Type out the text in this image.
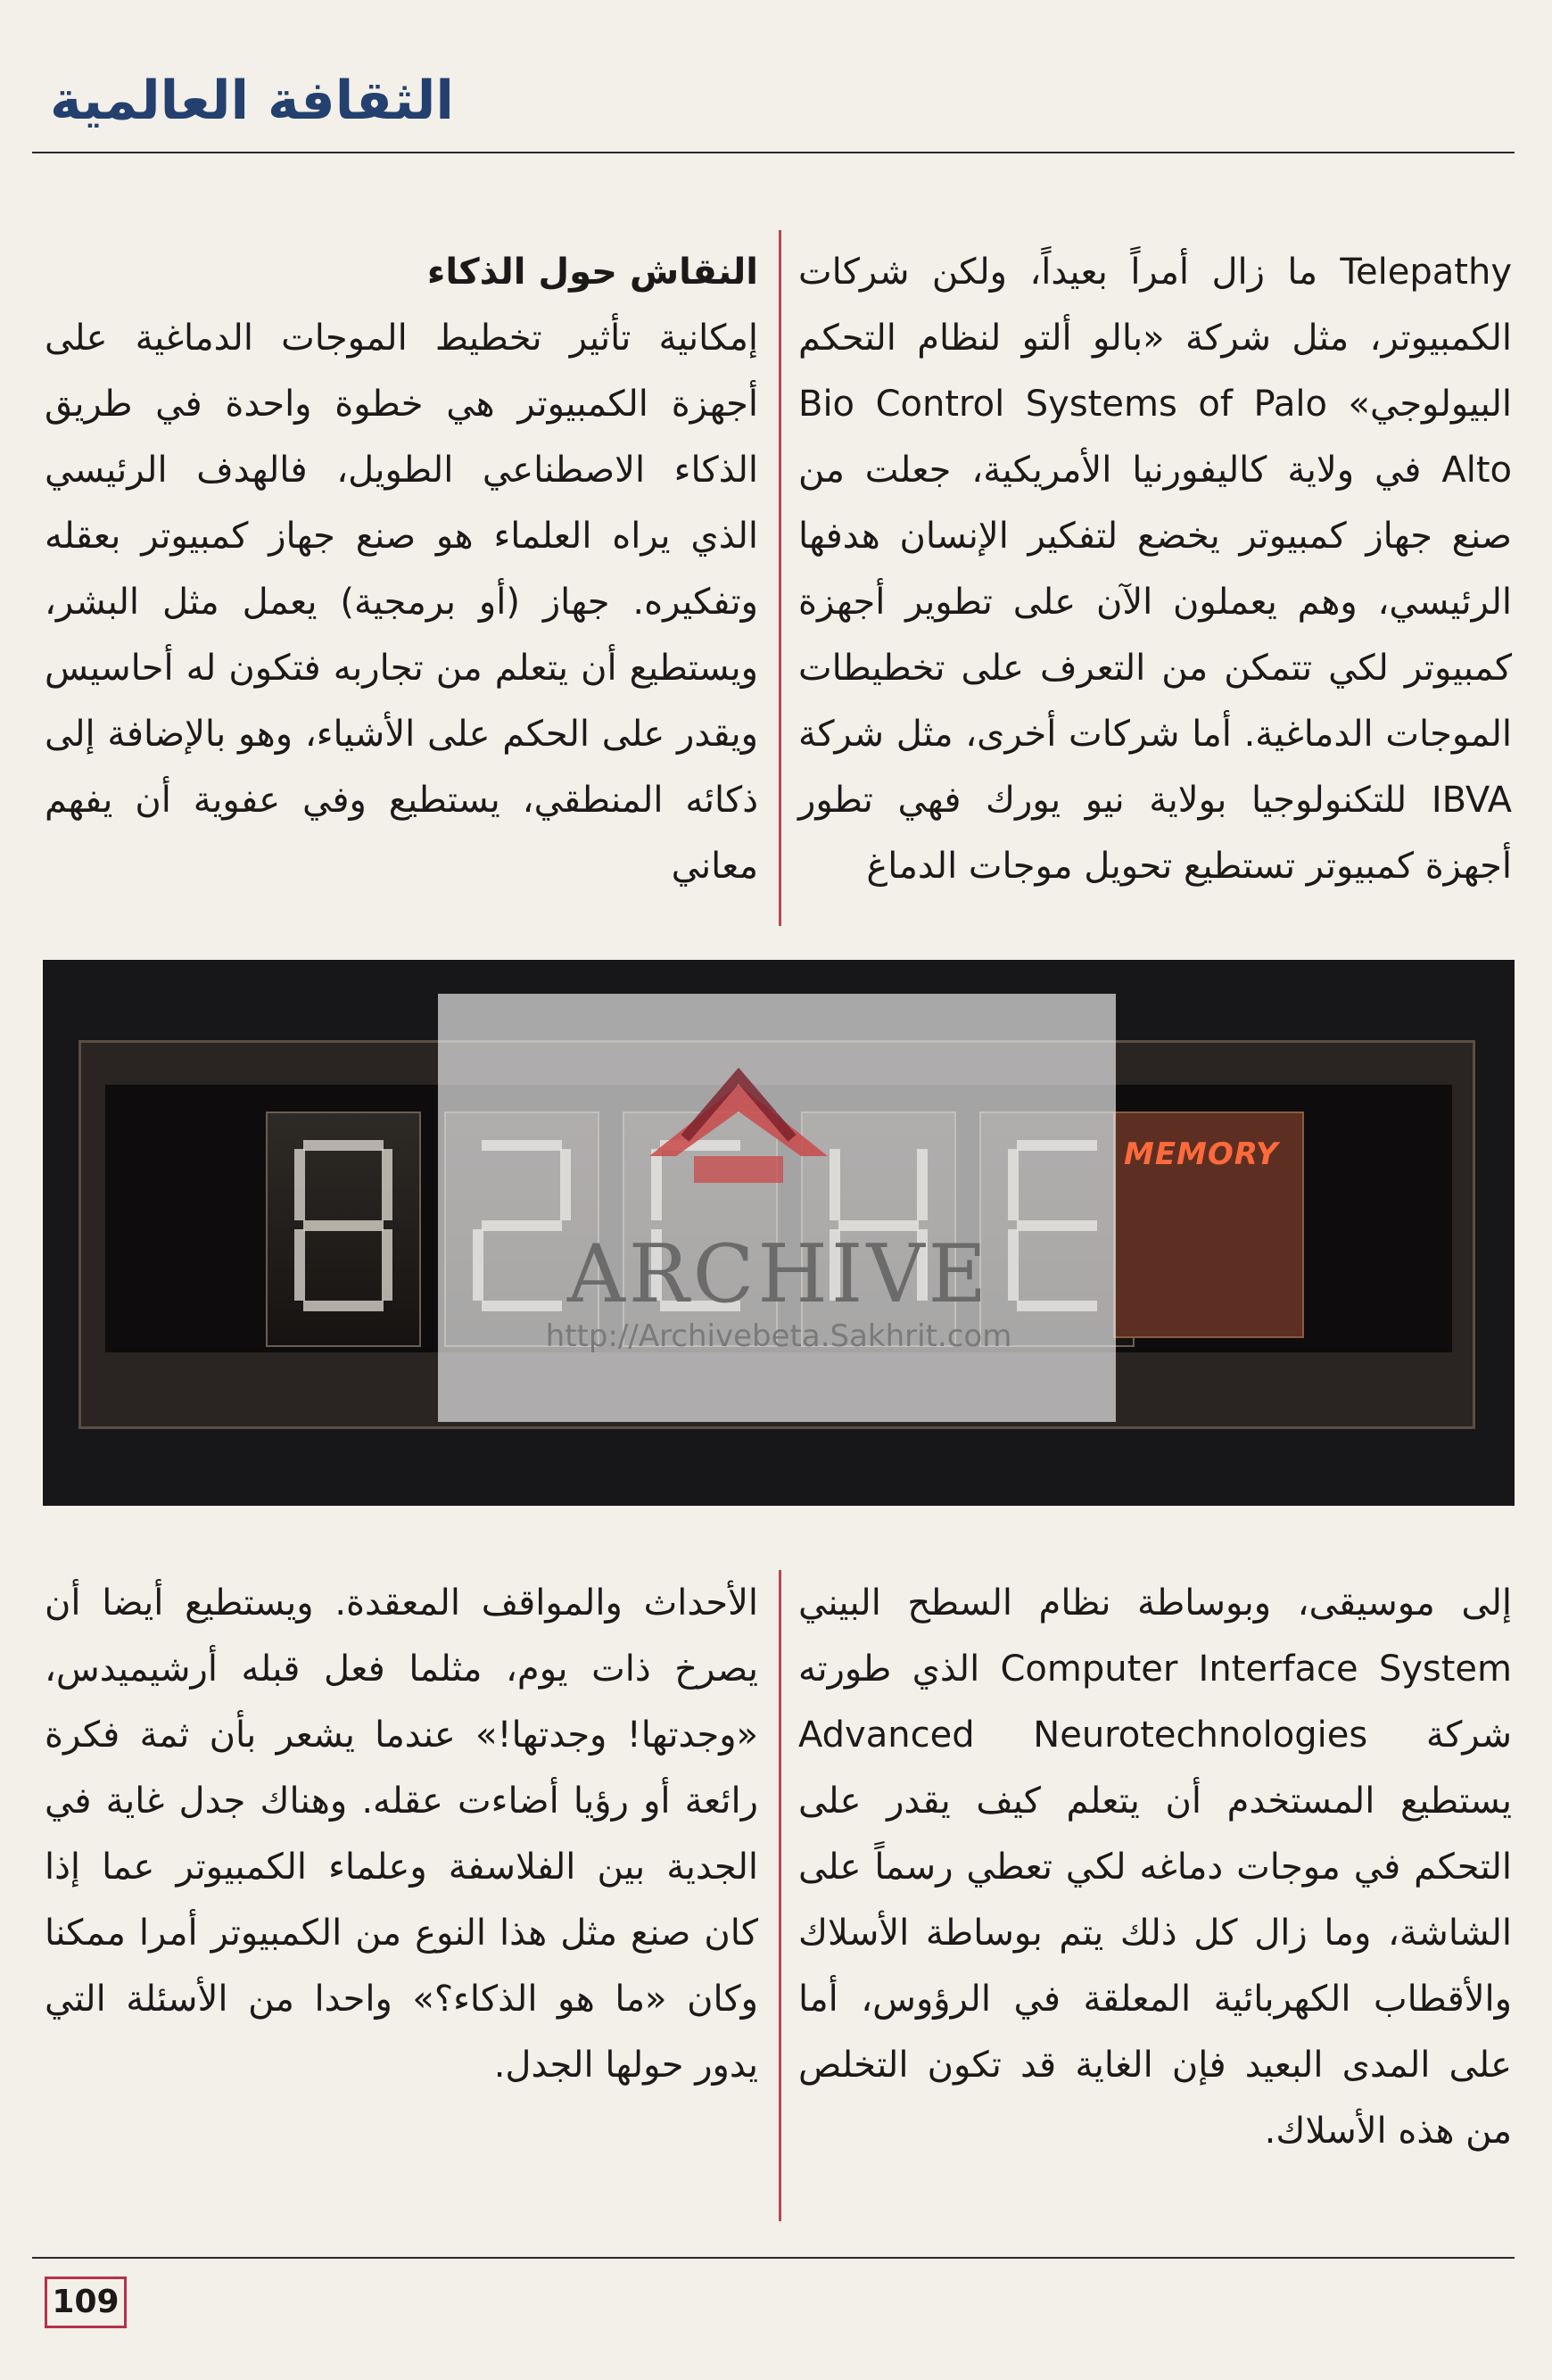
الثقافة العالمية

Telepathy ما زال أمراً بعيداً، ولكن شركات الكمبيوتر، مثل شركة «بالو ألتو لنظام التحكم البيولوجي» Bio Control Systems of Palo Alto في ولاية كاليفورنيا الأمريكية، جعلت من صنع جهاز كمبيوتر يخضع لتفكير الإنسان هدفها الرئيسي، وهم يعملون الآن على تطوير أجهزة كمبيوتر لكي تتمكن من التعرف على تخطيطات الموجات الدماغية. أما شركات أخرى، مثل شركة IBVA للتكنولوجيا بولاية نيو يورك فهي تطور أجهزة كمبيوتر تستطيع تحويل موجات الدماغ

النقاش حول الذكاء

إمكانية تأثير تخطيط الموجات الدماغية على أجهزة الكمبيوتر هي خطوة واحدة في طريق الذكاء الاصطناعي الطويل، فالهدف الرئيسي الذي يراه العلماء هو صنع جهاز كمبيوتر بعقله وتفكيره. جهاز (أو برمجية) يعمل مثل البشر، ويستطيع أن يتعلم من تجاربه فتكون له أحاسيس ويقدر على الحكم على الأشياء، وهو بالإضافة إلى ذكائه المنطقي، يستطيع وفي عفوية أن يفهم معاني

MEMORY
ARCHIVE
http://Archivebeta.Sakhrit.com

إلى موسيقى، وبوساطة نظام السطح البيني Computer Interface System الذي طورته شركة Advanced Neurotechnologies يستطيع المستخدم أن يتعلم كيف يقدر على التحكم في موجات دماغه لكي تعطي رسماً على الشاشة، وما زال كل ذلك يتم بوساطة الأسلاك والأقطاب الكهربائية المعلقة في الرؤوس، أما على المدى البعيد فإن الغاية قد تكون التخلص من هذه الأسلاك.

الأحداث والمواقف المعقدة. ويستطيع أيضا أن يصرخ ذات يوم، مثلما فعل قبله أرشيميدس، «وجدتها! وجدتها!» عندما يشعر بأن ثمة فكرة رائعة أو رؤيا أضاءت عقله. وهناك جدل غاية في الجدية بين الفلاسفة وعلماء الكمبيوتر عما إذا كان صنع مثل هذا النوع من الكمبيوتر أمرا ممكنا وكان «ما هو الذكاء؟» واحدا من الأسئلة التي يدور حولها الجدل.

109
